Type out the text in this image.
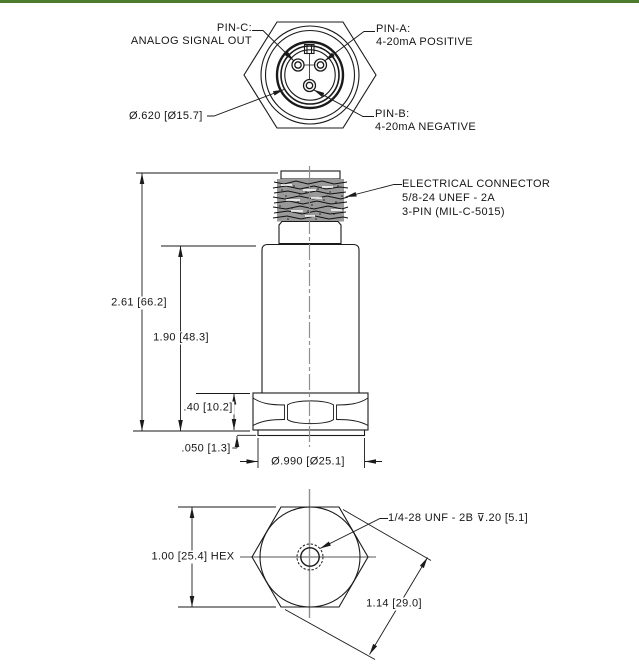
PIN-C:
ANALOG SIGNAL OUT
PIN-A:
4-20mA POSITIVE
Ø.620 [Ø15.7]	PIN-B:
4-20mA NEGATIVE
ELECTRICAL CONNECTOR
5/8-24 UNEF - 2A
3-PIN (MIL-C-5015)
2.61 [66.2]
1.90 [48.3]
.40 [10.2]
.050 [1.3]
Ø.990 [Ø25.1]
1/4-28 UNF - 2B ⊽.20 [5.1]
1.00 [25.4] HEX
1.14 [29.0]
